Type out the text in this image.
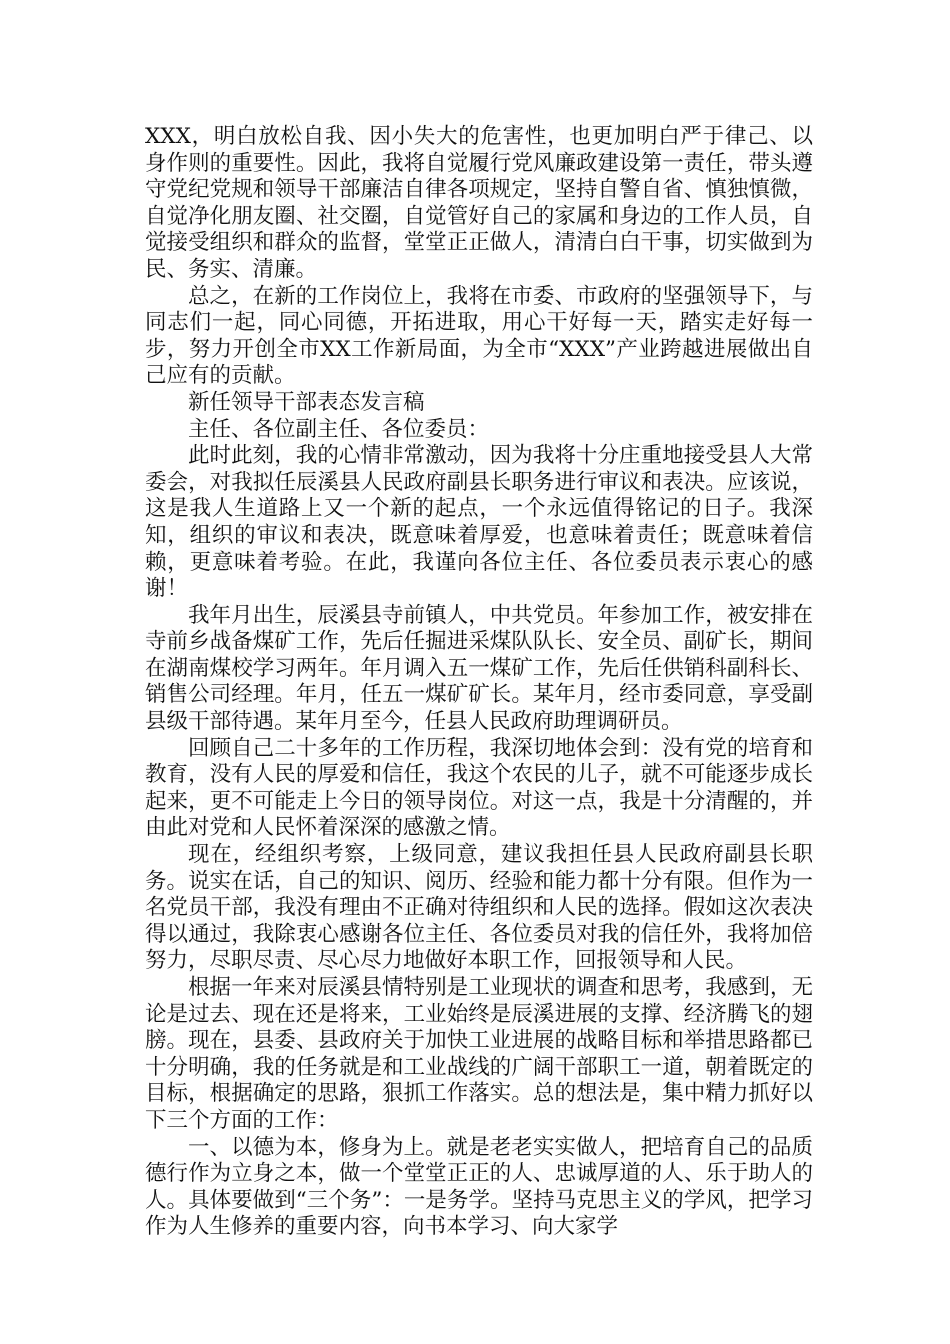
XXX，明白放松自我、因小失大的危害性，也更加明白严于律己、以身作则的重要性。因此，我将自觉履行党风廉政建设第一责任，带头遵守党纪党规和领导干部廉洁自律各项规定，坚持自警自省、慎独慎微，自觉净化朋友圈、社交圈，自觉管好自己的家属和身边的工作人员，自觉接受组织和群众的监督，堂堂正正做人，清清白白干事，切实做到为民、务实、清廉。

总之，在新的工作岗位上，我将在市委、市政府的坚强领导下，与同志们一起，同心同德，开拓进取，用心干好每一天，踏实走好每一步，努力开创全市XX工作新局面，为全市“XXX”产业跨越进展做出自己应有的贡献。

新任领导干部表态发言稿

主任、各位副主任、各位委员：

此时此刻，我的心情非常激动，因为我将十分庄重地接受县人大常委会，对我拟任辰溪县人民政府副县长职务进行审议和表决。应该说，这是我人生道路上又一个新的起点，一个永远值得铭记的日子。我深知，组织的审议和表决，既意味着厚爱，也意味着责任；既意味着信赖，更意味着考验。在此，我谨向各位主任、各位委员表示衷心的感谢！

我年月出生，辰溪县寺前镇人，中共党员。年参加工作，被安排在寺前乡战备煤矿工作，先后任掘进采煤队队长、安全员、副矿长，期间在湖南煤校学习两年。年月调入五一煤矿工作，先后任供销科副科长、销售公司经理。年月，任五一煤矿矿长。某年月，经市委同意，享受副县级干部待遇。某年月至今，任县人民政府助理调研员。

回顾自己二十多年的工作历程，我深切地体会到：没有党的培育和教育，没有人民的厚爱和信任，我这个农民的儿子，就不可能逐步成长起来，更不可能走上今日的领导岗位。对这一点，我是十分清醒的，并由此对党和人民怀着深深的感激之情。

现在，经组织考察，上级同意，建议我担任县人民政府副县长职务。说实在话，自己的知识、阅历、经验和能力都十分有限。但作为一名党员干部，我没有理由不正确对待组织和人民的选择。假如这次表决得以通过，我除衷心感谢各位主任、各位委员对我的信任外，我将加倍努力，尽职尽责、尽心尽力地做好本职工作，回报领导和人民。

根据一年来对辰溪县情特别是工业现状的调查和思考，我感到，无论是过去、现在还是将来，工业始终是辰溪进展的支撑、经济腾飞的翅膀。现在，县委、县政府关于加快工业进展的战略目标和举措思路都已十分明确，我的任务就是和工业战线的广阔干部职工一道，朝着既定的目标，根据确定的思路，狠抓工作落实。总的想法是，集中精力抓好以下三个方面的工作：

一、以德为本，修身为上。就是老老实实做人，把培育自己的品质德行作为立身之本，做一个堂堂正正的人、忠诚厚道的人、乐于助人的人。具体要做到“三个务”：一是务学。坚持马克思主义的学风，把学习作为人生修养的重要内容，向书本学习、向大家学
